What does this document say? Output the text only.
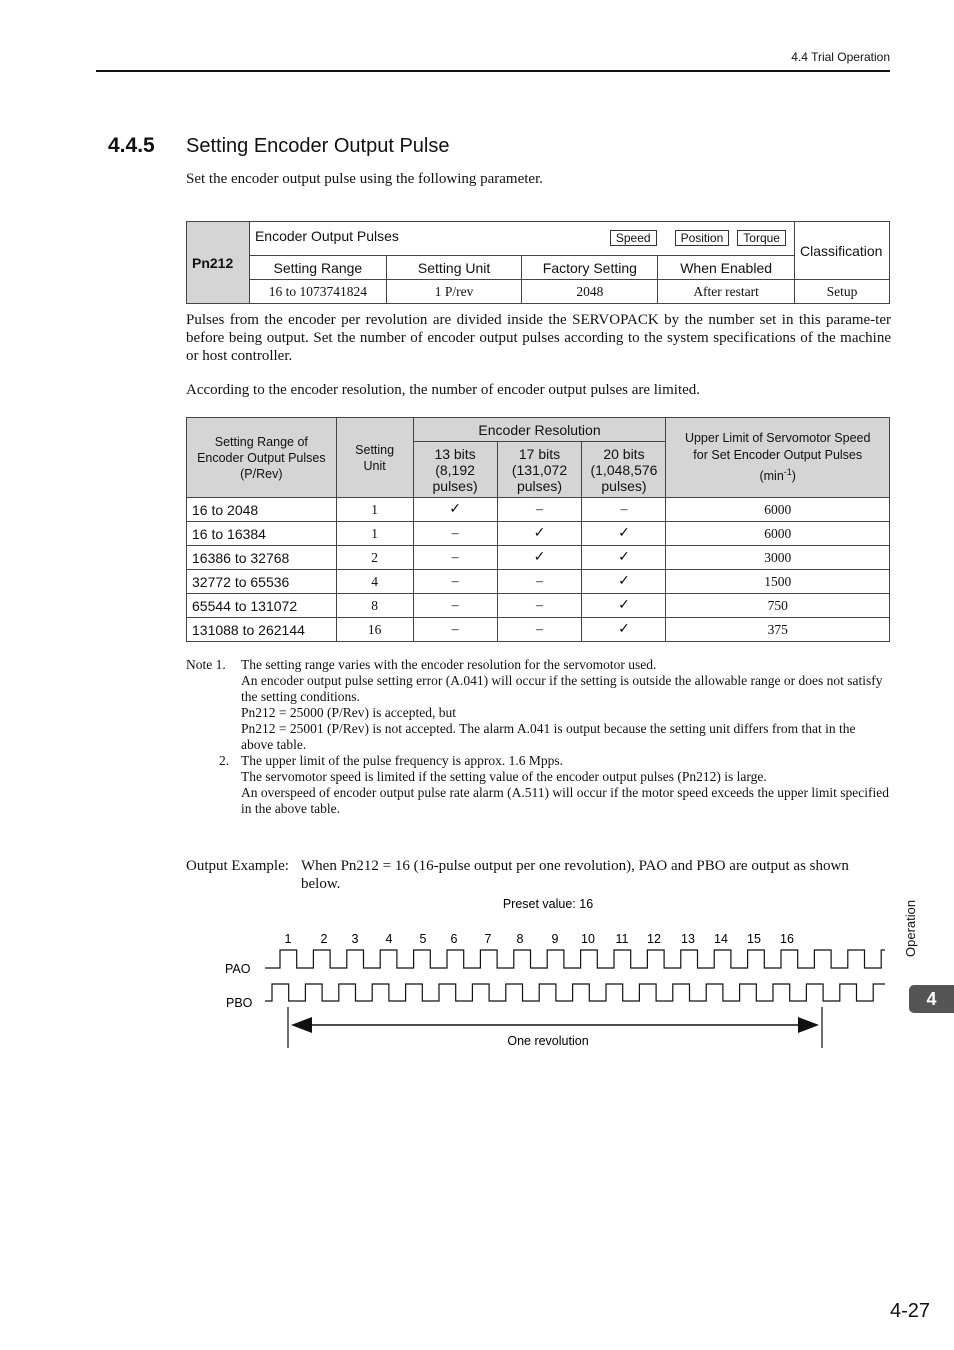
4.4 Trial Operation
4.4.5 Setting Encoder Output Pulse
Set the encoder output pulse using the following parameter.
Pn212	Encoder Output Pulses Speed Position Torque				Classification
	Setting Range	Setting Unit	Factory Setting	When Enabled	
	16 to 1073741824	1 P/rev	2048	After restart	Setup
Pulses from the encoder per revolution are divided inside the SERVOPACK by the number set in this parame-ter before being output. Set the number of encoder output pulses according to the system specifications of the machine or host controller.
According to the encoder resolution, the number of encoder output pulses are limited.
Setting Range of Encoder Output Pulses (P/Rev)	Setting Unit	Encoder Resolution			Upper Limit of Servomotor Speed for Set Encoder Output Pulses
$(\min^{-1})$
		13 bits (8,192 pulses)	17 bits (131,072 pulses)	20 bits (1,048,576 pulses)	
16 to 2048	1	✓	–	–	6000
16 to 16384	1	–	✓	✓	6000
16386 to 32768	2	–	✓	✓	3000
32772 to 65536	4	–	–	✓	1500
65544 to 131072	8	–	–	✓	750
131088 to 262144	16	–	–	✓	375
Note 1. The setting range varies with the encoder resolution for the servomotor used.
An encoder output pulse setting error (A.041) will occur if the setting is outside the allowable range or does not satisfy the setting conditions.
Pn212 = 25000 (P/Rev) is accepted, but
Pn212 = 25001 (P/Rev) is not accepted. The alarm A.041 is output because the setting unit differs from that in the above table.
2. The upper limit of the pulse frequency is approx. 1.6 Mpps.
The servomotor speed is limited if the setting value of the encoder output pulses (Pn212) is large.
An overspeed of encoder output pulse rate alarm (A.511) will occur if the motor speed exceeds the upper limit specified in the above table.
Output Example: When Pn212 = 16 (16-pulse output per one revolution), PAO and PBO are output as shown
below.
Preset value: 16
1 2 3 4 5 6 7 8 9 10 11 12 13 14 15 16
PAO
PBO
One revolution
Operation
4
4-27
